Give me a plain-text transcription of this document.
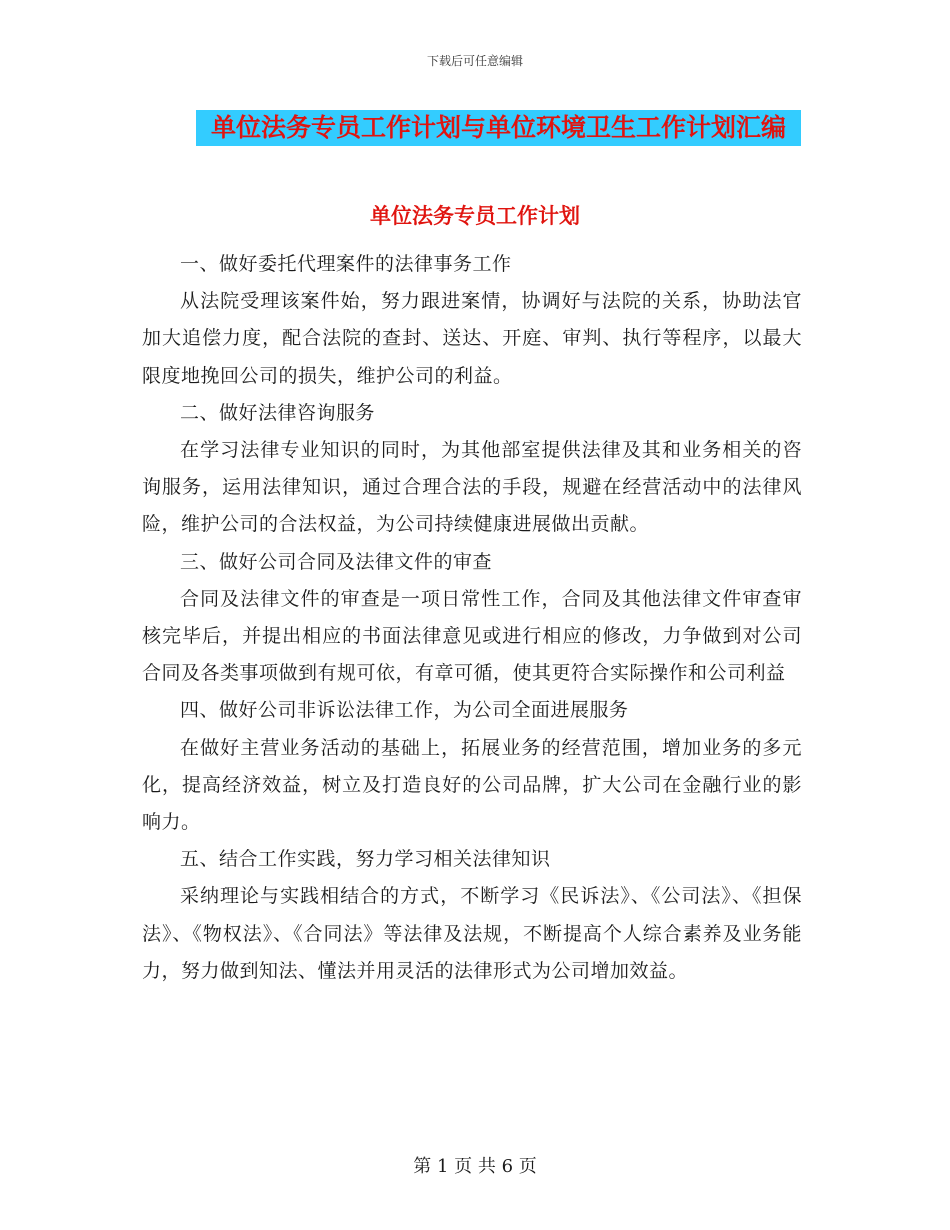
下载后可任意编辑
单位法务专员工作计划与单位环境卫生工作计划汇编
单位法务专员工作计划

一、做好委托代理案件的法律事务工作

从法院受理该案件始，努力跟进案情，协调好与法院的关系，协助法官加大追偿力度，配合法院的查封、送达、开庭、审判、执行等程序，以最大限度地挽回公司的损失，维护公司的利益。

二、做好法律咨询服务

在学习法律专业知识的同时，为其他部室提供法律及其和业务相关的咨询服务，运用法律知识，通过合理合法的手段，规避在经营活动中的法律风险，维护公司的合法权益，为公司持续健康进展做出贡献。

三、做好公司合同及法律文件的审查

合同及法律文件的审查是一项日常性工作，合同及其他法律文件审查审核完毕后，并提出相应的书面法律意见或进行相应的修改，力争做到对公司合同及各类事项做到有规可依，有章可循，使其更符合实际操作和公司利益

四、做好公司非诉讼法律工作，为公司全面进展服务

在做好主营业务活动的基础上，拓展业务的经营范围，增加业务的多元化，提高经济效益，树立及打造良好的公司品牌，扩大公司在金融行业的影响力。

五、结合工作实践，努力学习相关法律知识

采纳理论与实践相结合的方式，不断学习《民诉法》、《公司法》、《担保法》、《物权法》、《合同法》等法律及法规，不断提高个人综合素养及业务能力，努力做到知法、懂法并用灵活的法律形式为公司增加效益。

第 1 页 共 6 页
